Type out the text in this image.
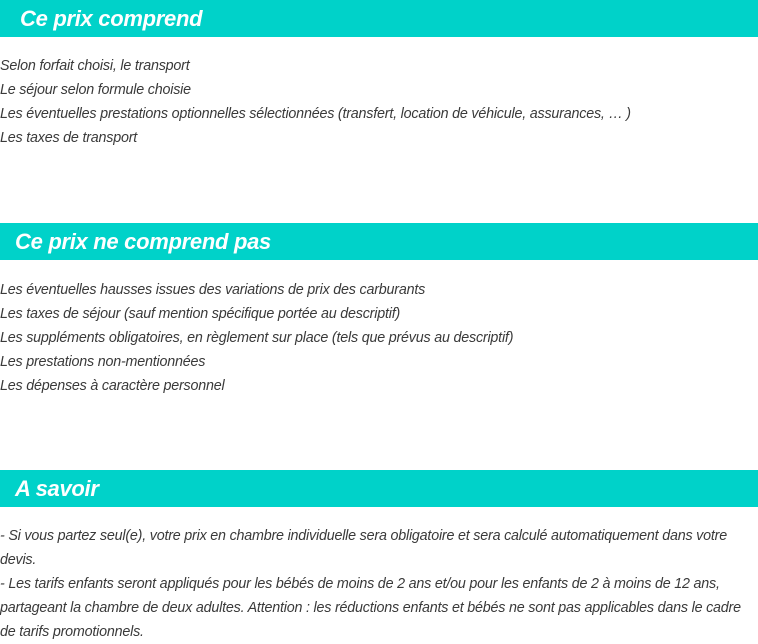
Ce prix comprend
Selon forfait choisi, le transport
Le séjour selon formule choisie
Les éventuelles prestations optionnelles sélectionnées (transfert, location de véhicule, assurances, … )
Les taxes de transport
Ce prix ne comprend pas
Les éventuelles hausses issues des variations de prix des carburants
Les taxes de séjour (sauf mention spécifique portée au descriptif)
Les suppléments obligatoires, en règlement sur place (tels que prévus au descriptif)
Les prestations non-mentionnées
Les dépenses à caractère personnel
A savoir

- Si vous partez seul(e), votre prix en chambre individuelle sera obligatoire et sera calculé automatiquement dans votre devis.

- Les tarifs enfants seront appliqués pour les bébés de moins de 2 ans et/ou pour les enfants de 2 à moins de 12 ans, partageant la chambre de deux adultes. Attention : les réductions enfants et bébés ne sont pas applicables dans le cadre de tarifs promotionnels.
